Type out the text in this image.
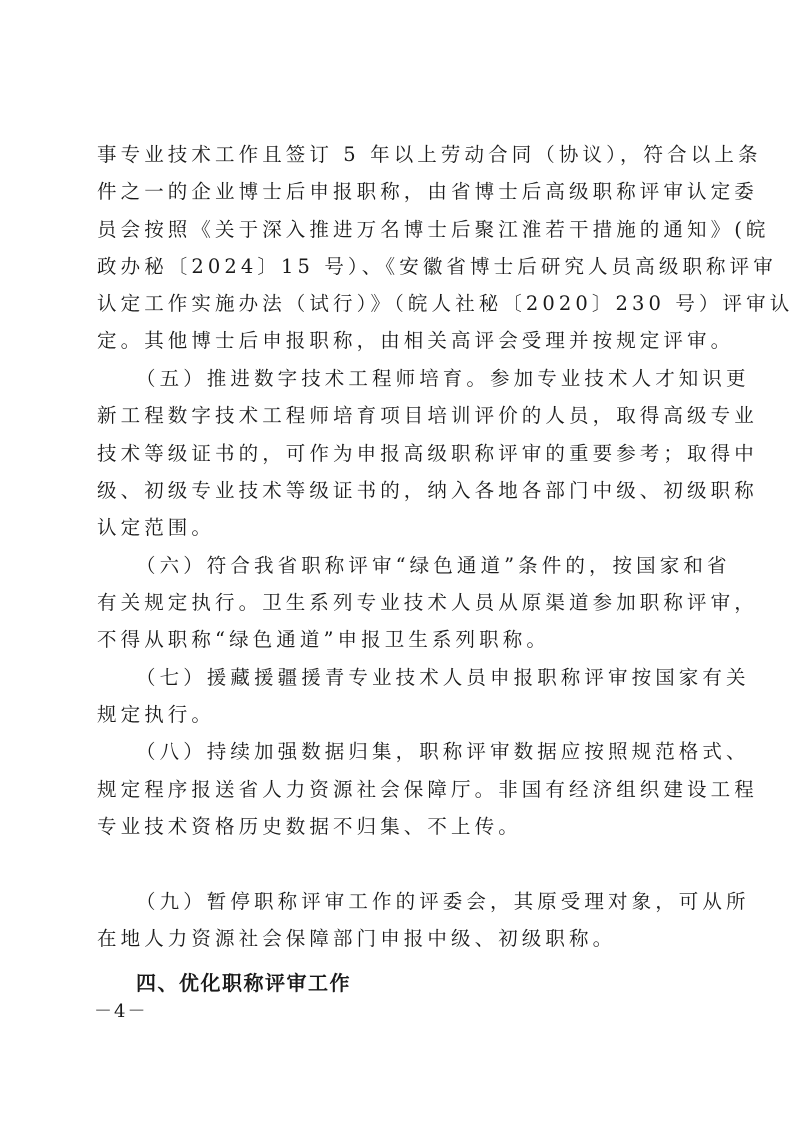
事专业技术工作且签订 5 年以上劳动合同（协议），符合以上条
件之一的企业博士后申报职称，由省博士后高级职称评审认定委
员会按照《关于深入推进万名博士后聚江淮若干措施的通知》(皖
政办秘〔2024〕15 号）、《安徽省博士后研究人员高级职称评审
认定工作实施办法（试行）》（皖人社秘〔2020〕230 号）评审认
定。其他博士后申报职称，由相关高评会受理并按规定评审。
（五）推进数字技术工程师培育。参加专业技术人才知识更
新工程数字技术工程师培育项目培训评价的人员，取得高级专业
技术等级证书的，可作为申报高级职称评审的重要参考；取得中
级、初级专业技术等级证书的，纳入各地各部门中级、初级职称
认定范围。
（六）符合我省职称评审“绿色通道”条件的，按国家和省
有关规定执行。卫生系列专业技术人员从原渠道参加职称评审，
不得从职称“绿色通道”申报卫生系列职称。
（七）援藏援疆援青专业技术人员申报职称评审按国家有关
规定执行。
（八）持续加强数据归集，职称评审数据应按照规范格式、
规定程序报送省人力资源社会保障厅。非国有经济组织建设工程
专业技术资格历史数据不归集、不上传。
（九）暂停职称评审工作的评委会，其原受理对象，可从所
在地人力资源社会保障部门申报中级、初级职称。
四、优化职称评审工作
－4－
